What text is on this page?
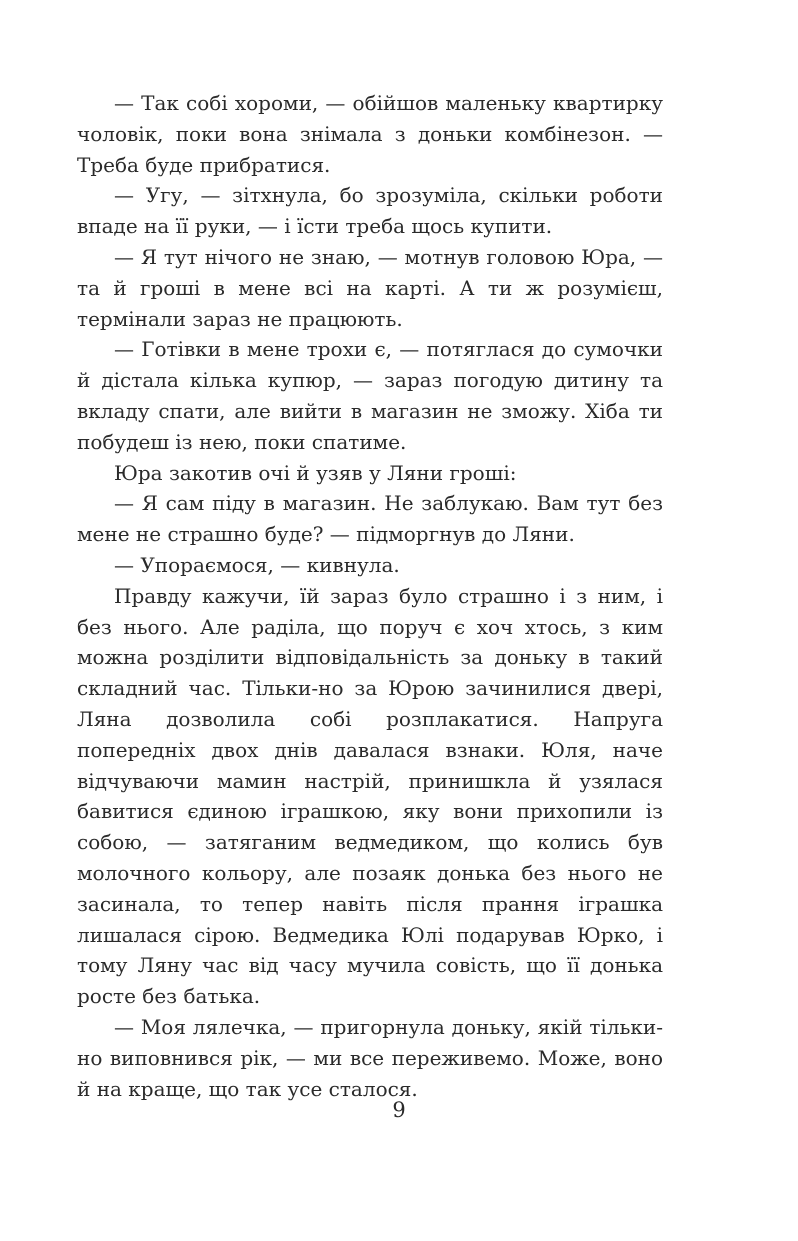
— Так собі хороми, — обійшов маленьку квартирку чоловік, поки вона знімала з доньки комбінезон. — Треба буде прибратися.

— Угу, — зітхнула, бо зрозуміла, скільки роботи впаде на її руки, — і їсти треба щось купити.

— Я тут нічого не знаю, — мотнув головою Юра, — та й гроші в мене всі на карті. А ти ж розумієш, термінали зараз не працюють.

— Готівки в мене трохи є, — потяглася до сумочки й дістала кілька купюр, — зараз погодую дитину та вкладу спати, але вийти в магазин не зможу. Хіба ти побудеш із нею, поки спатиме.

Юра закотив очі й узяв у Ляни гроші:

— Я сам піду в магазин. Не заблукаю. Вам тут без мене не страшно буде? — підморгнув до Ляни.

— Упораємося, — кивнула.

Правду кажучи, їй зараз було страшно і з ним, і без нього. Але раділа, що поруч є хоч хтось, з ким можна розділити відповідальність за доньку в такий складний час. Тільки-но за Юрою зачинилися двері, Ляна дозволила собі розплакатися. Напруга попередніх двох днів давалася взнаки. Юля, наче відчуваючи мамин настрій, принишкла й узялася бавитися єдиною іграшкою, яку вони прихопили із собою, — затяганим ведмедиком, що колись був молочного кольору, але позаяк донька без нього не засинала, то тепер навіть після прання іграшка лишалася сірою. Ведмедика Юлі подарував Юрко, і тому Ляну час від часу мучила совість, що її донька росте без батька.

— Моя лялечка, — пригорнула доньку, якій тільки-но виповнився рік, — ми все переживемо. Може, воно й на краще, що так усе сталося.

9
